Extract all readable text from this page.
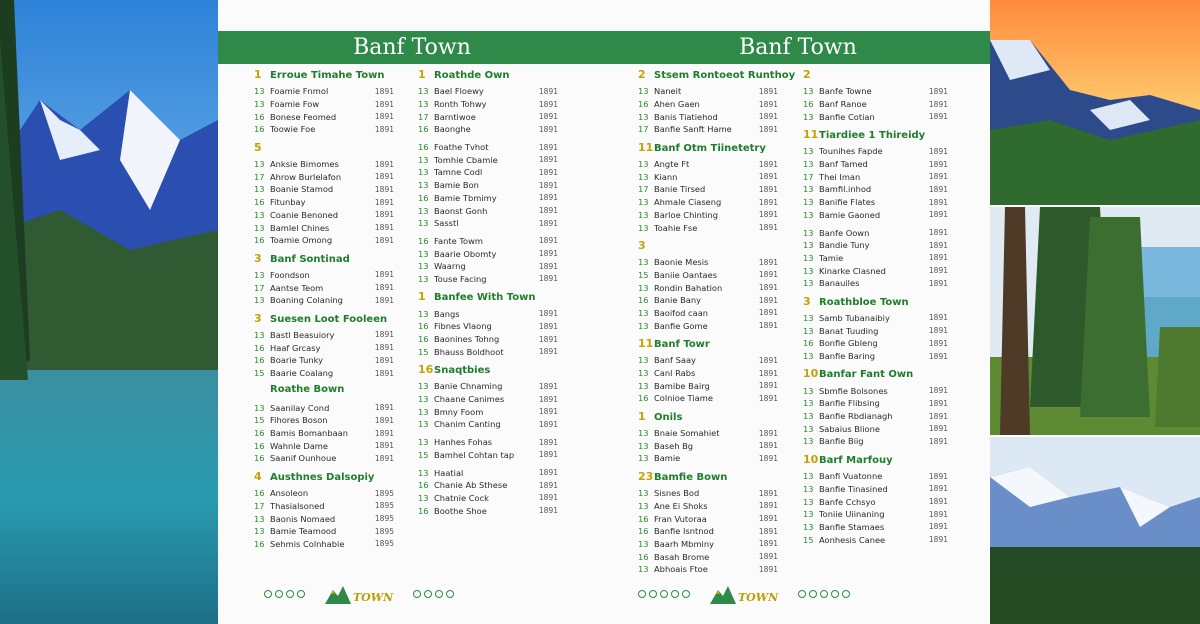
Banf Town	Banf Town
1 Erroue Timahe Town
13 Foamie Fnmol	1891
13 Foamie Fow	1891
16 Bonese Feomed	1891
16 Toowie Foe	1891
5
13 Anksie Bimomes	1891
17 Ahrow Burlelafon	1891
13 Boanie Stamod	1891
16 Fitunbay	1891
13 Coanie Benoned	1891
13 Bamlel Chines	1891
16 Toamie Omong	1891
3 Banf Sontinad
13 Foondson	1891
17 Aantse Teom	1891
13 Boaning Colaning	1891
3 Suesen Loot Fooleen
13 Bastl Beasuiory	1891
16 Haaf Grcasy	1891
16 Boarie Tunky	1891
15 Baarie Coalang	1891
Roathe Bown
13 Saanilay Cond	1891
15 Fihores Boson	1891
16 Bamis Bomanbaan	1891
16 Wahnle Dame	1891
16 Saanif Ounhoue	1891
4 Austhnes Dalsopiy
16 Ansoleon	1895
17 Thasialsoned	1895
13 Baonis Nomaed	1895
13 Bamie Teamood	1895
16 Sehmis Colnhabie	1895
1 Roathde Own
13 Bael Floewy	1891
13 Ronth Tohwy	1891
17 Barntiwoe	1891
16 Baonghe	1891
16 Foathe Tvhot	1891
13 Tomhie Cbamie	1891
13 Tamne Codl	1891
13 Bamie Bon	1891
16 Bamie Tbmimy	1891
13 Baonst Gonh	1891
13 Sasstl	1891
16 Fante Towm	1891
13 Baarie Obomty	1891
13 Waarng	1891
13 Touse Facing	1891
1 Banfee With Town
13 Bangs	1891
16 Fibnes Vlaong	1891
16 Baonines Tohng	1891
15 Bhauss Boldhoot	1891
16 Snaqtbies
13 Banie Chnaming	1891
13 Chaane Canimes	1891
13 Bmny Foom	1891
13 Chanim Canting	1891
13 Hanhes Fohas	1891
15 Bamhel Cohtan tap	1891
13 Haatial	1891
16 Chanie Ab Sthese	1891
13 Chatnie Cock	1891
16 Boothe Shoe	1891
2 Stsem Rontoeot Runthoy
13 Naneit	1891
16 Ahen Gaen	1891
13 Banis Tiatiehod	1891
17 Banfie Sanft Hame	1891
11 Banf Otm Tiinetetry
13 Angte Ft	1891
13 Kiann	1891
17 Banie Tirsed	1891
13 Ahmale Ciaseng	1891
13 Barloe Chinting	1891
13 Toahie Fse	1891
3
13 Baonie Mesis	1891
15 Baniie Oantaes	1891
13 Rondin Bahation	1891
16 Banie Bany	1891
13 Baoifod caan	1891
13 Banfie Gome	1891
11 Banf Towr
13 Banf Saay	1891
13 Canl Rabs	1891
13 Bamibe Bairg	1891
16 Colnioe Tiame	1891
1 Onils
13 Bnaie Somahiet	1891
13 Baseh Bg	1891
13 Bamie	1891
23 Bamfie Bown
13 Sisnes Bod	1891
13 Ane Ei Shoks	1891
16 Fran Vutoraa	1891
16 Banfie Isntnod	1891
13 Baarh Mbminy	1891
16 Basah Brome	1891
13 Abhoais Ftoe	1891
2
13 Banfe Towne	1891
16 Banf Ranoe	1891
13 Banfie Cotian	1891
11 Tiardiee 1 Thireidy
13 Tounihes Fapde	1891
13 Banf Tamed	1891
17 Thei Iman	1891
13 Bamfil.inhod	1891
13 Banifie Flates	1891
13 Bamie Gaoned	1891
13 Banfe Oown	1891
13 Bandie Tuny	1891
13 Tamie	1891
13 Kinarke Clasned	1891
13 Banauiles	1891
3 Roathbloe Town
13 Samb Tubanaibiy	1891
13 Banat Tuuding	1891
16 Bonfie Gbleng	1891
13 Banfie Baring	1891
10 Banfar Fant Own
13 Sbmfie Bolsones	1891
13 Banfie Flibsing	1891
13 Banfie Rbdianagh	1891
13 Sabaius Blione	1891
13 Banfie Biig	1891
10 Barf Marfouy
13 Banfi Vuatonne	1891
13 Banfie Tinasined	1891
13 Banfe Cchsyo	1891
13 Toniie Uiinaning	1891
13 Banfie Stamaes	1891
15 Aonhesis Canee	1891
TOWN	TOWN
